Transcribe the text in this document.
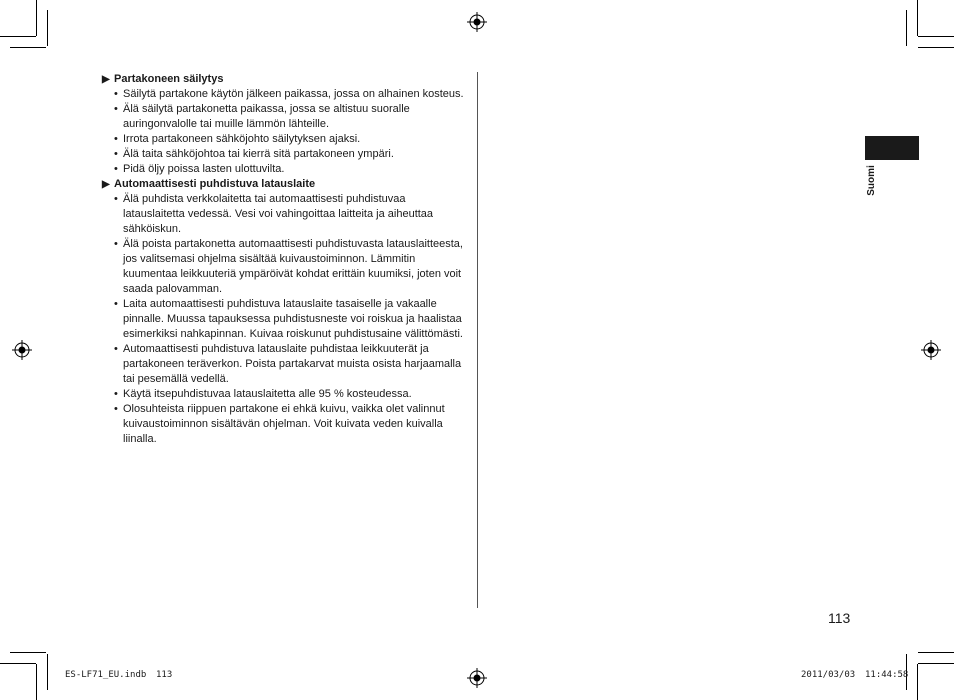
▶ Partakoneen säilytys
• Säilytä partakone käytön jälkeen paikassa, jossa on alhainen kosteus.
• Älä säilytä partakonetta paikassa, jossa se altistuu suoralle auringonvalolle tai muille lämmön lähteille.
• Irrota partakoneen sähköjohto säilytyksen ajaksi.
• Älä taita sähköjohtoa tai kierrä sitä partakoneen ympäri.
• Pidä öljy poissa lasten ulottuvilta.
▶ Automaattisesti puhdistuva latauslaite
• Älä puhdista verkkolaitetta tai automaattisesti puhdistuvaa latauslaitetta vedessä. Vesi voi vahingoittaa laitteita ja aiheuttaa sähköiskun.
• Älä poista partakonetta automaattisesti puhdistuvasta latauslaitteesta, jos valitsemasi ohjelma sisältää kuivaustoiminnon. Lämmitin kuumentaa leikkuuteriä ympäröivät kohdat erittäin kuumiksi, joten voit saada palovamman.
• Laita automaattisesti puhdistuva latauslaite tasaiselle ja vakaalle pinnalle. Muussa tapauksessa puhdistusneste voi roiskua ja haalistaa esimerkiksi nahkapinnan. Kuivaa roiskunut puhdistusaine välittömästi.
• Automaattisesti puhdistuva latauslaite puhdistaa leikkuuterät ja partakoneen teräverkon. Poista partakarvat muista osista harjaamalla tai pesemällä vedellä.
• Käytä itsepuhdistuvaa latauslaitetta alle 95 % kosteudessa.
• Olosuhteista riippuen partakone ei ehkä kuivu, vaikka olet valinnut kuivaustoiminnon sisältävän ohjelman. Voit kuivata veden kuivalla liinalla.
Suomi
113
ES-LF71_EU.indb 113	2011/03/03 11:44:58
